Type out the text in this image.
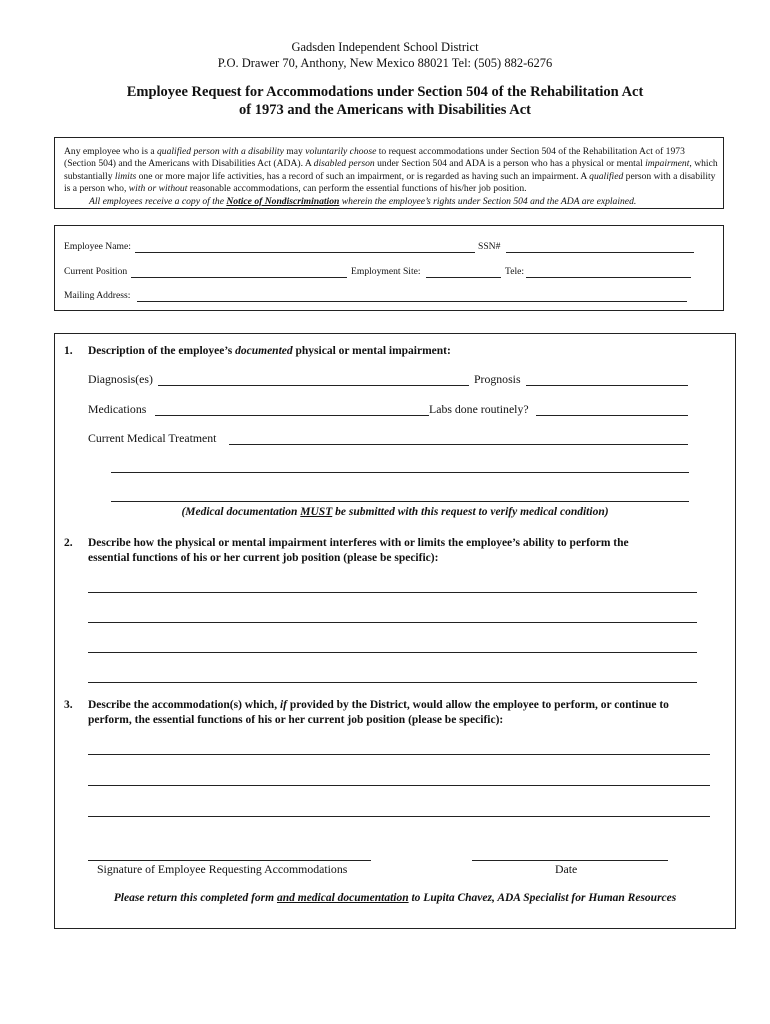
Gadsden Independent School District
P.O. Drawer 70, Anthony, New Mexico 88021 Tel: (505) 882-6276
Employee Request for Accommodations under Section 504 of the Rehabilitation Act
of 1973 and the Americans with Disabilities Act

Any employee who is a qualified person with a disability may voluntarily choose to request accommodations under Section 504 of the Rehabilitation Act of 1973 (Section 504) and the Americans with Disabilities Act (ADA). A disabled person under Section 504 and ADA is a person who has a physical or mental impairment, which substantially limits one or more major life activities, has a record of such an impairment, or is regarded as having such an impairment. A qualified person with a disability is a person who, with or without reasonable accommodations, can perform the essential functions of his/her job position.

All employees receive a copy of the Notice of Nondiscrimination wherein the employee’s rights under Section 504 and the ADA are explained.

Employee Name:	SSN#
Current Position	Employment Site:	Tele:
Mailing Address:
1. Description of the employee’s documented physical or mental impairment:
Diagnosis(es)	Prognosis
Medications	Labs done routinely?
Current Medical Treatment
(Medical documentation MUST be submitted with this request to verify medical condition)
2. Describe how the physical or mental impairment interferes with or limits the employee’s ability to perform the
essential functions of his or her current job position (please be specific):
3. Describe the accommodation(s) which, if provided by the District, would allow the employee to perform, or continue to
perform, the essential functions of his or her current job position (please be specific):
Signature of Employee Requesting Accommodations	Date
Please return this completed form and medical documentation to Lupita Chavez, ADA Specialist for Human Resources
